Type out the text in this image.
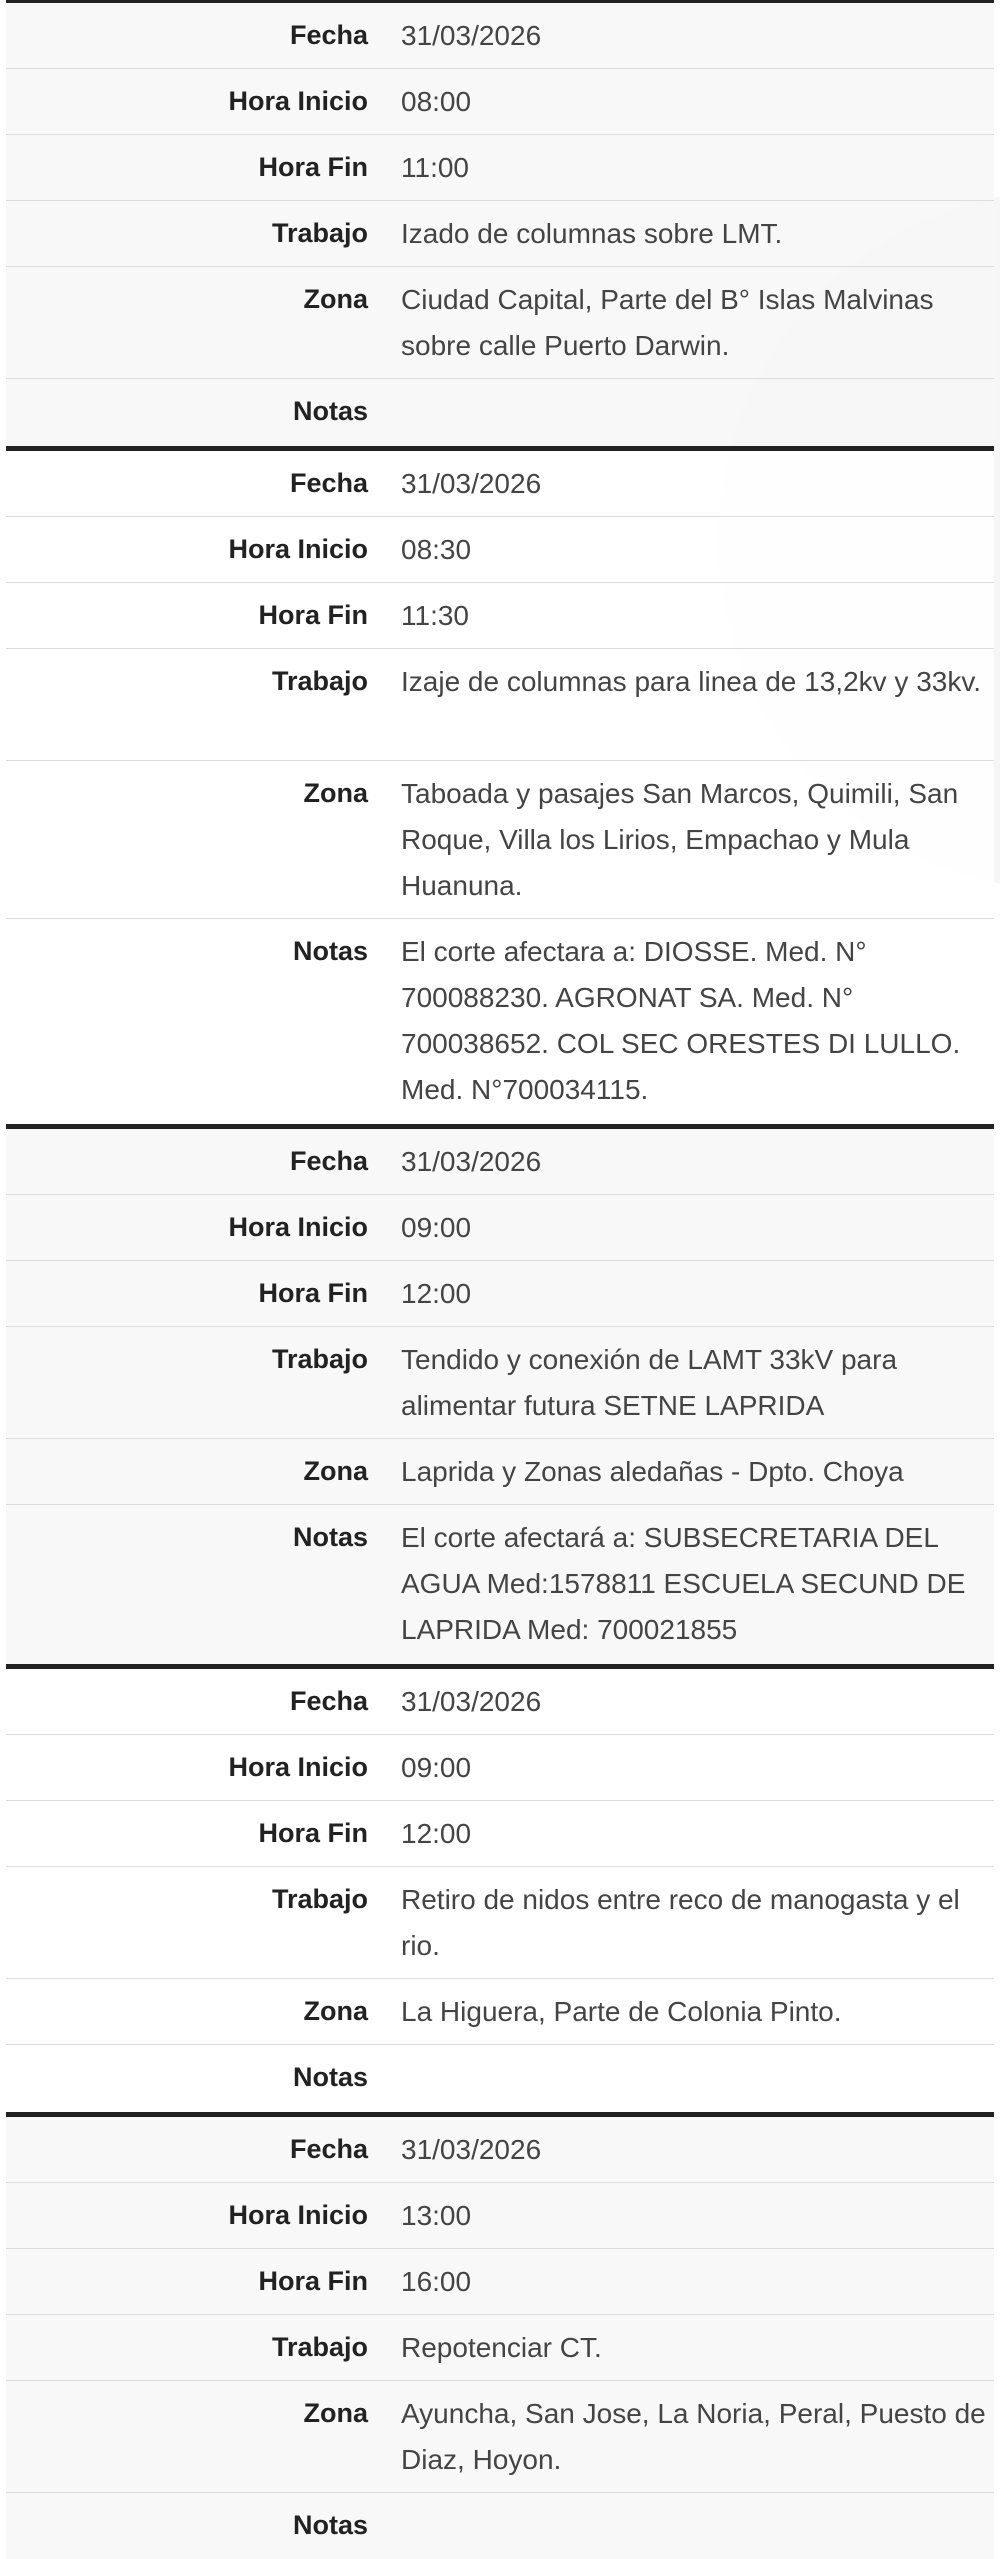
Fecha	31/03/2026
Hora Inicio	08:00
Hora Fin	11:00
Trabajo	Izado de columnas sobre LMT.
Zona	Ciudad Capital, Parte del B° Islas Malvinas sobre calle Puerto Darwin.
Notas
Fecha	31/03/2026
Hora Inicio	08:30
Hora Fin	11:30
Trabajo	Izaje de columnas para linea de 13,2kv y 33kv.
Zona	Taboada y pasajes San Marcos, Quimili, San Roque, Villa los Lirios, Empachao y Mula Huanuna.
Notas	El corte afectara a: DIOSSE. Med. N° 700088230. AGRONAT SA. Med. N° 700038652. COL SEC ORESTES DI LULLO. Med. N°700034115.
Fecha	31/03/2026
Hora Inicio	09:00
Hora Fin	12:00
Trabajo	Tendido y conexión de LAMT 33kV para alimentar futura SETNE LAPRIDA
Zona	Laprida y Zonas aledañas - Dpto. Choya
Notas	El corte afectará a: SUBSECRETARIA DEL AGUA Med:1578811 ESCUELA SECUND DE LAPRIDA Med: 700021855
Fecha	31/03/2026
Hora Inicio	09:00
Hora Fin	12:00
Trabajo	Retiro de nidos entre reco de manogasta y el rio.
Zona	La Higuera, Parte de Colonia Pinto.
Notas
Fecha	31/03/2026
Hora Inicio	13:00
Hora Fin	16:00
Trabajo	Repotenciar CT.
Zona	Ayuncha, San Jose, La Noria, Peral, Puesto de Diaz, Hoyon.
Notas
